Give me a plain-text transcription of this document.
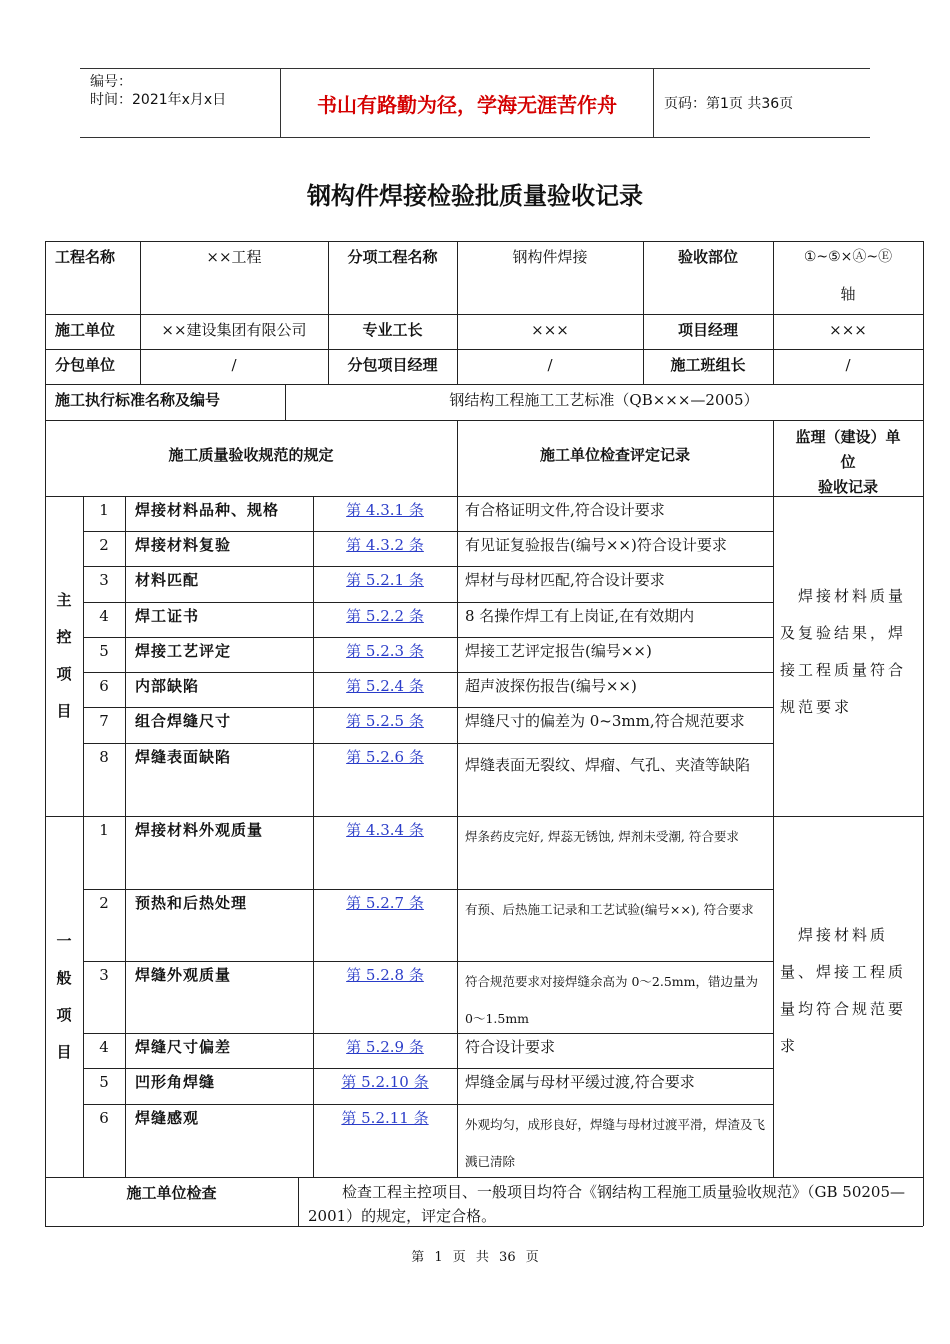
编号：
时间：2021年x月x日	书山有路勤为径，学海无涯苦作舟	页码：第1页 共36页
钢构件焊接检验批质量验收记录
工程名称	××工程	分项工程名称	钢构件焊接	验收部位	①~⑤×Ⓐ~Ⓔ
轴
施工单位	××建设集团有限公司	专业工长	×××	项目经理	×××
分包单位	/	分包项目经理	/	施工班组长	/
施工执行标准名称及编号	钢结构工程施工工艺标准（QB×××—2005）
施工质量验收规范的规定	施工单位检查评定记录
监理（建设）单
位
验收记录
主
控
项
目
1	焊接材料品种、规格	第 4.3.1 条	有合格证明文件,符合设计要求
2	焊接材料复验	第 4.3.2 条	有见证复验报告(编号××)符合设计要求
3	材料匹配	第 5.2.1 条	焊材与母材匹配,符合设计要求
4	焊工证书	第 5.2.2 条	8 名操作焊工有上岗证,在有效期内
5	焊接工艺评定	第 5.2.3 条	焊接工艺评定报告(编号××)
6	内部缺陷	第 5.2.4 条	超声波探伤报告(编号××)
7	组合焊缝尺寸	第 5.2.5 条	焊缝尺寸的偏差为 0~3mm,符合规范要求
8	焊缝表面缺陷	第 5.2.6 条	焊缝表面无裂纹、焊瘤、气孔、夹渣等缺陷
一
般
项
目
1	焊接材料外观质量	第 4.3.4 条	焊条药皮完好, 焊蕊无锈蚀, 焊剂未受潮, 符合要求
2	预热和后热处理	第 5.2.7 条	有预、后热施工记录和工艺试验(编号××), 符合要求
3	焊缝外观质量	第 5.2.8 条	符合规范要求对接焊缝余高为 0～2.5mm，错边量为 0～1.5mm
4	焊缝尺寸偏差	第 5.2.9 条	符合设计要求
5	凹形角焊缝	第 5.2.10 条	焊缝金属与母材平缓过渡,符合要求
6	焊缝感观	第 5.2.11 条	外观均匀，成形良好，焊缝与母材过渡平滑，焊渣及飞溅已清除
焊接材料质量及复验结果，焊接工程质量符合规范要求
焊接材料质量、焊接工程质量均符合规范要求
施工单位检查	检查工程主控项目、一般项目均符合《钢结构工程施工质量验收规范》（GB 50205—2001）的规定，评定合格。
第 1 页 共 36 页
